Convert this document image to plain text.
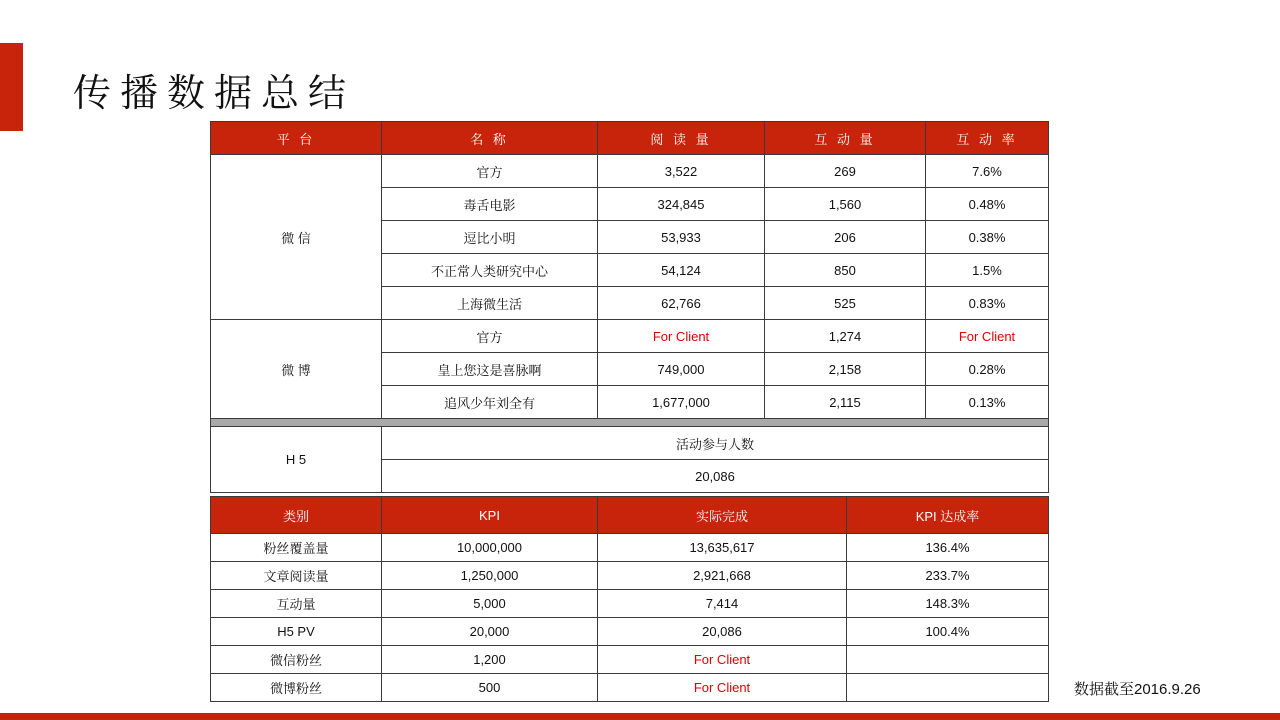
传播数据总结
平 台	名 称	阅 读 量	互 动 量	互 动 率
微 信	官方	3,522	269	7.6%
	毒舌电影	324,845	1,560	0.48%
	逗比小明	53,933	206	0.38%
	不正常人类研究中心	54,124	850	1.5%
	上海微生活	62,766	525	0.83%
微 博	官方	For Client	1,274	For Client
	皇上您这是喜脉啊	749,000	2,158	0.28%
	追风少年刘全有	1,677,000	2,115	0.13%

H 5	活动参与人数			
	20,086			
类别	KPI	实际完成	KPI 达成率
粉丝覆盖量	10,000,000	13,635,617	136.4%
文章阅读量	1,250,000	2,921,668	233.7%
互动量	5,000	7,414	148.3%
H5 PV	20,000	20,086	100.4%
微信粉丝	1,200	For Client	
微博粉丝	500	For Client		数据截至2016.9.26
